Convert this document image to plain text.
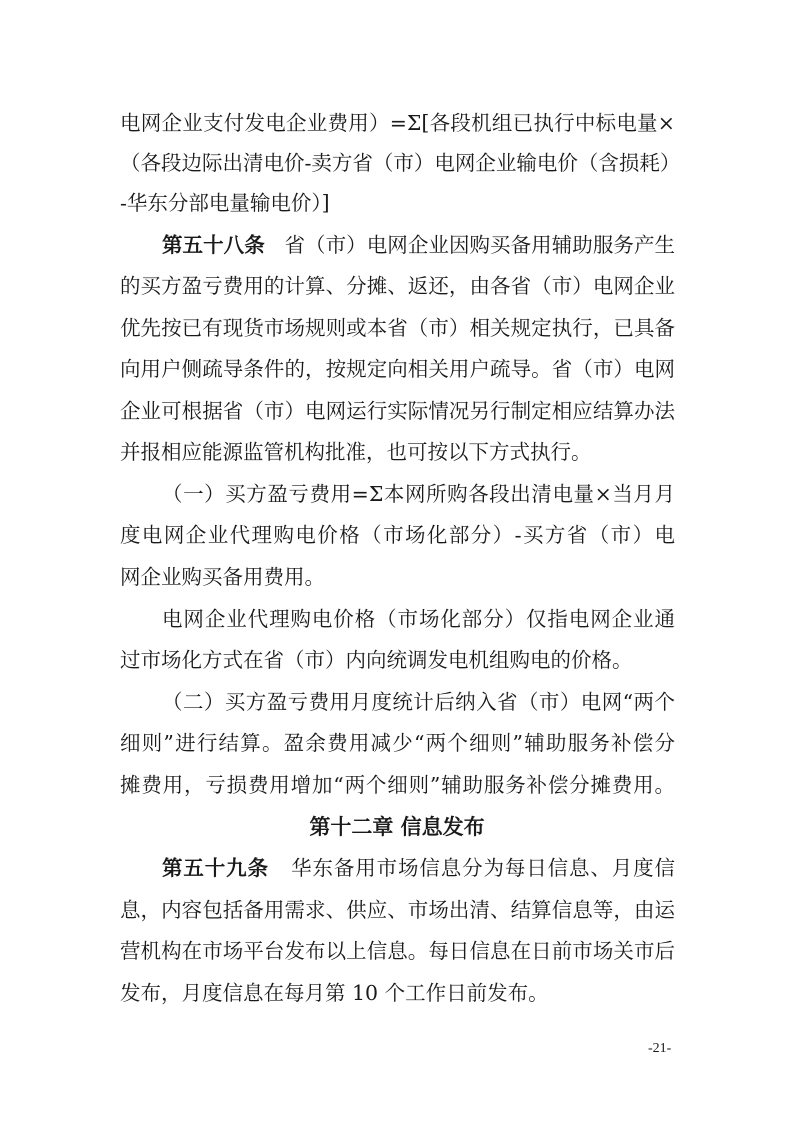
电网企业支付发电企业费用）=Σ[各段机组已执行中标电量×
（各段边际出清电价-卖方省（市）电网企业输电价（含损耗）
-华东分部电量输电价）]
第五十八条 省（市）电网企业因购买备用辅助服务产生
的买方盈亏费用的计算、分摊、返还，由各省（市）电网企业
优先按已有现货市场规则或本省（市）相关规定执行，已具备
向用户侧疏导条件的，按规定向相关用户疏导。省（市）电网
企业可根据省（市）电网运行实际情况另行制定相应结算办法
并报相应能源监管机构批准，也可按以下方式执行。
（一）买方盈亏费用=Σ本网所购各段出清电量×当月月
度电网企业代理购电价格（市场化部分）-买方省（市）电
网企业购买备用费用。
电网企业代理购电价格（市场化部分）仅指电网企业通
过市场化方式在省（市）内向统调发电机组购电的价格。
（二）买方盈亏费用月度统计后纳入省（市）电网“两个
细则”进行结算。盈余费用减少“两个细则”辅助服务补偿分
摊费用，亏损费用增加“两个细则”辅助服务补偿分摊费用。
第十二章 信息发布
第五十九条 华东备用市场信息分为每日信息、月度信
息，内容包括备用需求、供应、市场出清、结算信息等，由运
营机构在市场平台发布以上信息。每日信息在日前市场关市后
发布，月度信息在每月第 10 个工作日前发布。
-21-
